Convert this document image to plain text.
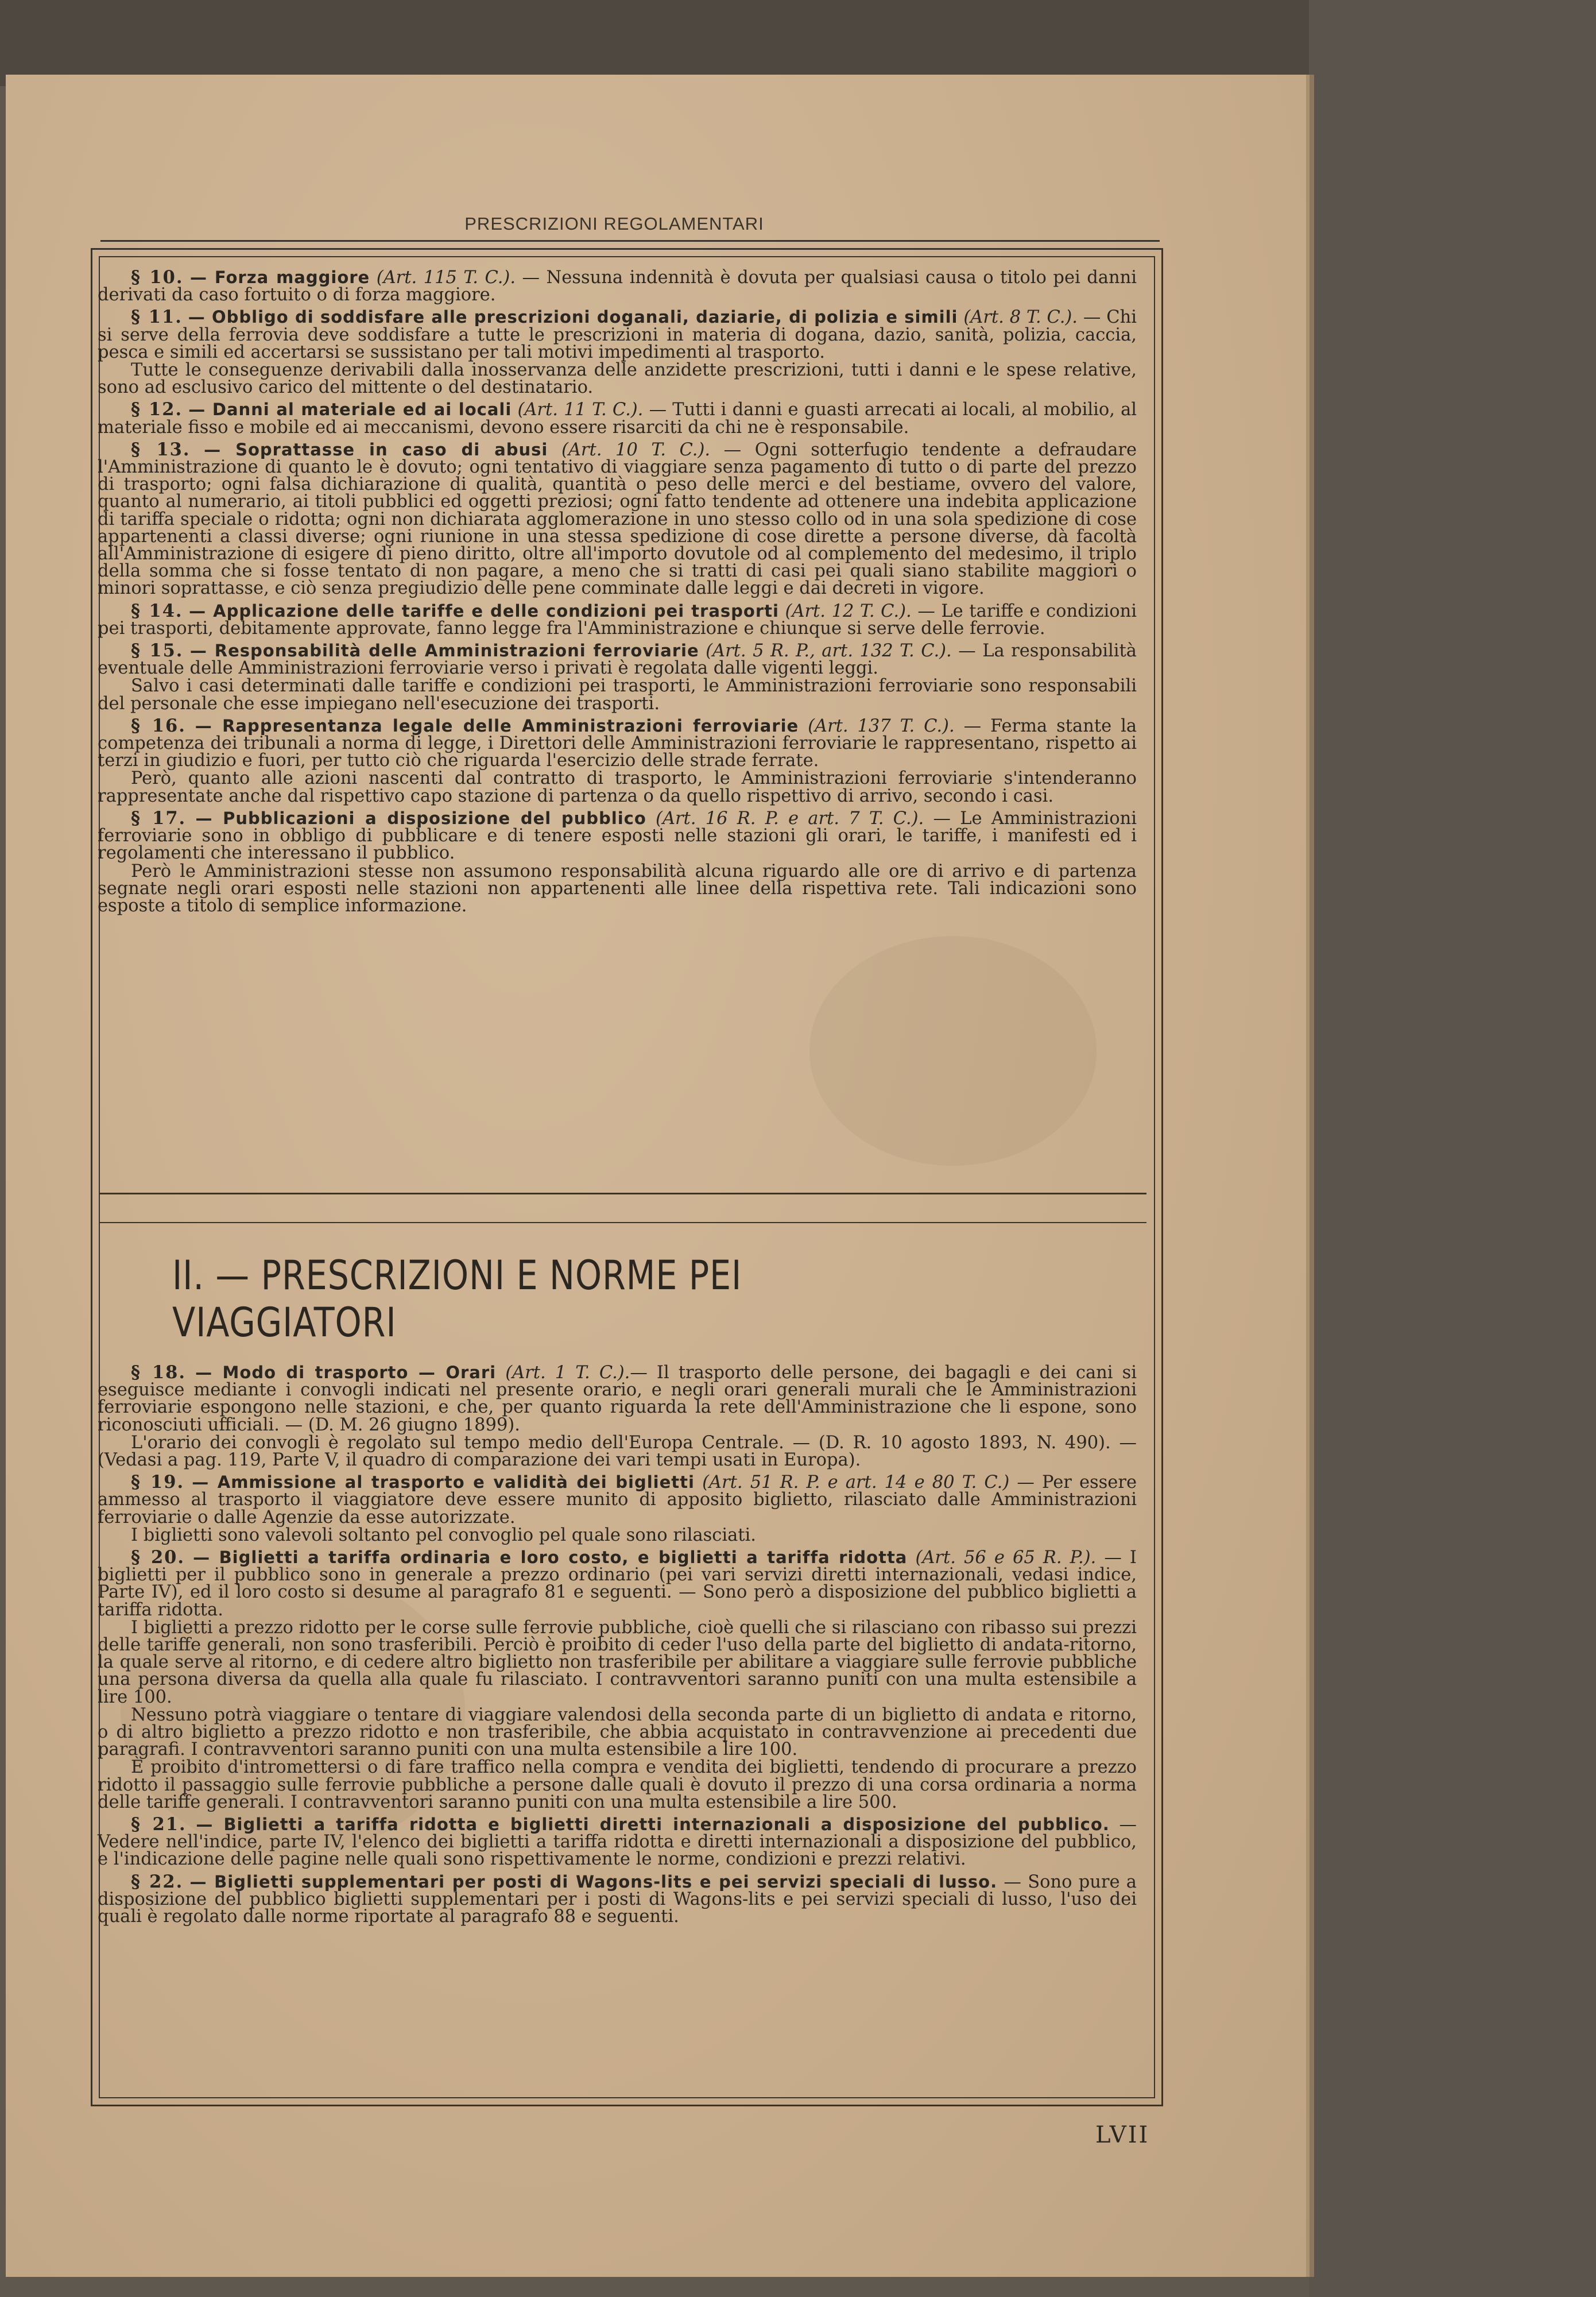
PRESCRIZIONI REGOLAMENTARI

§ 10. — Forza maggiore (Art. 115 T. C.). — Nessuna indennità è dovuta per qualsiasi causa o titolo pei danni derivati da caso fortuito o di forza maggiore.

§ 11. — Obbligo di soddisfare alle prescrizioni doganali, daziarie, di polizia e simili (Art. 8 T. C.). — Chi si serve della ferrovia deve soddisfare a tutte le prescrizioni in materia di dogana, dazio, sanità, polizia, caccia, pesca e simili ed accertarsi se sussistano per tali motivi impedimenti al trasporto.

Tutte le conseguenze derivabili dalla inosservanza delle anzidette prescrizioni, tutti i danni e le spese relative, sono ad esclusivo carico del mittente o del destinatario.

§ 12. — Danni al materiale ed ai locali (Art. 11 T. C.). — Tutti i danni e guasti arrecati ai locali, al mobilio, al materiale fisso e mobile ed ai meccanismi, devono essere risarciti da chi ne è responsabile.

§ 13. — Soprattasse in caso di abusi (Art. 10 T. C.). — Ogni sotterfugio tendente a defraudare l'Amministrazione di quanto le è dovuto; ogni tentativo di viaggiare senza pagamento di tutto o di parte del prezzo di trasporto; ogni falsa dichiarazione di qualità, quantità o peso delle merci e del bestiame, ovvero del valore, quanto al numerario, ai titoli pubblici ed oggetti preziosi; ogni fatto tendente ad ottenere una indebita applicazione di tariffa speciale o ridotta; ogni non dichiarata agglomerazione in uno stesso collo od in una sola spedizione di cose appartenenti a classi diverse; ogni riunione in una stessa spedizione di cose dirette a persone diverse, dà facoltà all'Amministrazione di esigere di pieno diritto, oltre all'importo dovutole od al complemento del medesimo, il triplo della somma che si fosse tentato di non pagare, a meno che si tratti di casi pei quali siano stabilite maggiori o minori soprattasse, e ciò senza pregiudizio delle pene comminate dalle leggi e dai decreti in vigore.

§ 14. — Applicazione delle tariffe e delle condizioni pei trasporti (Art. 12 T. C.). — Le tariffe e condizioni pei trasporti, debitamente approvate, fanno legge fra l'Amministrazione e chiunque si serve delle ferrovie.

§ 15. — Responsabilità delle Amministrazioni ferroviarie (Art. 5 R. P., art. 132 T. C.). — La responsabilità eventuale delle Amministrazioni ferroviarie verso i privati è regolata dalle vigenti leggi.

Salvo i casi determinati dalle tariffe e condizioni pei trasporti, le Amministrazioni ferroviarie sono responsabili del personale che esse impiegano nell'esecuzione dei trasporti.

§ 16. — Rappresentanza legale delle Amministrazioni ferroviarie (Art. 137 T. C.). — Ferma stante la competenza dei tribunali a norma di legge, i Direttori delle Amministrazioni ferroviarie le rappresentano, rispetto ai terzi in giudizio e fuori, per tutto ciò che riguarda l'esercizio delle strade ferrate.

Però, quanto alle azioni nascenti dal contratto di trasporto, le Amministrazioni ferroviarie s'intenderanno rappresentate anche dal rispettivo capo stazione di partenza o da quello rispettivo di arrivo, secondo i casi.

§ 17. — Pubblicazioni a disposizione del pubblico (Art. 16 R. P. e art. 7 T. C.). — Le Amministrazioni ferroviarie sono in obbligo di pubblicare e di tenere esposti nelle stazioni gli orari, le tariffe, i manifesti ed i regolamenti che interessano il pubblico.

Però le Amministrazioni stesse non assumono responsabilità alcuna riguardo alle ore di arrivo e di partenza segnate negli orari esposti nelle stazioni non appartenenti alle linee della rispettiva rete. Tali indicazioni sono esposte a titolo di semplice informazione.

II. — PRESCRIZIONI E NORME PEI VIAGGIATORI

§ 18. — Modo di trasporto — Orari (Art. 1 T. C.).— Il trasporto delle persone, dei bagagli e dei cani si eseguisce mediante i convogli indicati nel presente orario, e negli orari generali murali che le Amministrazioni ferroviarie espongono nelle stazioni, e che, per quanto riguarda la rete dell'Amministrazione che li espone, sono riconosciuti ufficiali. — (D. M. 26 giugno 1899).

L'orario dei convogli è regolato sul tempo medio dell'Europa Centrale. — (D. R. 10 agosto 1893, N. 490). — (Vedasi a pag. 119, Parte V, il quadro di comparazione dei vari tempi usati in Europa).

§ 19. — Ammissione al trasporto e validità dei biglietti (Art. 51 R. P. e art. 14 e 80 T. C.) — Per essere ammesso al trasporto il viaggiatore deve essere munito di apposito biglietto, rilasciato dalle Amministrazioni ferroviarie o dalle Agenzie da esse autorizzate.

I biglietti sono valevoli soltanto pel convoglio pel quale sono rilasciati.

§ 20. — Biglietti a tariffa ordinaria e loro costo, e biglietti a tariffa ridotta (Art. 56 e 65 R. P.). — I biglietti per il pubblico sono in generale a prezzo ordinario (pei vari servizi diretti internazionali, vedasi indice, Parte IV), ed il loro costo si desume al paragrafo 81 e seguenti. — Sono però a disposizione del pubblico biglietti a tariffa ridotta.

I biglietti a prezzo ridotto per le corse sulle ferrovie pubbliche, cioè quelli che si rilasciano con ribasso sui prezzi delle tariffe generali, non sono trasferibili. Perciò è proibito di ceder l'uso della parte del biglietto di andata-ritorno, la quale serve al ritorno, e di cedere altro biglietto non trasferibile per abilitare a viaggiare sulle ferrovie pubbliche una persona diversa da quella alla quale fu rilasciato. I contravventori saranno puniti con una multa estensibile a lire 100.

Nessuno potrà viaggiare o tentare di viaggiare valendosi della seconda parte di un biglietto di andata e ritorno, o di altro biglietto a prezzo ridotto e non trasferibile, che abbia acquistato in contravvenzione ai precedenti due paragrafi. I contravventori saranno puniti con una multa estensibile a lire 100.

È proibito d'intromettersi o di fare traffico nella compra e vendita dei biglietti, tendendo di procurare a prezzo ridotto il passaggio sulle ferrovie pubbliche a persone dalle quali è dovuto il prezzo di una corsa ordinaria a norma delle tariffe generali. I contravventori saranno puniti con una multa estensibile a lire 500.

§ 21. — Biglietti a tariffa ridotta e biglietti diretti internazionali a disposizione del pubblico. — Vedere nell'indice, parte IV, l'elenco dei biglietti a tariffa ridotta e diretti internazionali a disposizione del pubblico, e l'indicazione delle pagine nelle quali sono rispettivamente le norme, condizioni e prezzi relativi.

§ 22. — Biglietti supplementari per posti di Wagons-lits e pei servizi speciali di lusso. — Sono pure a disposizione del pubblico biglietti supplementari per i posti di Wagons-lits e pei servizi speciali di lusso, l'uso dei quali è regolato dalle norme riportate al paragrafo 88 e seguenti.

LVII
